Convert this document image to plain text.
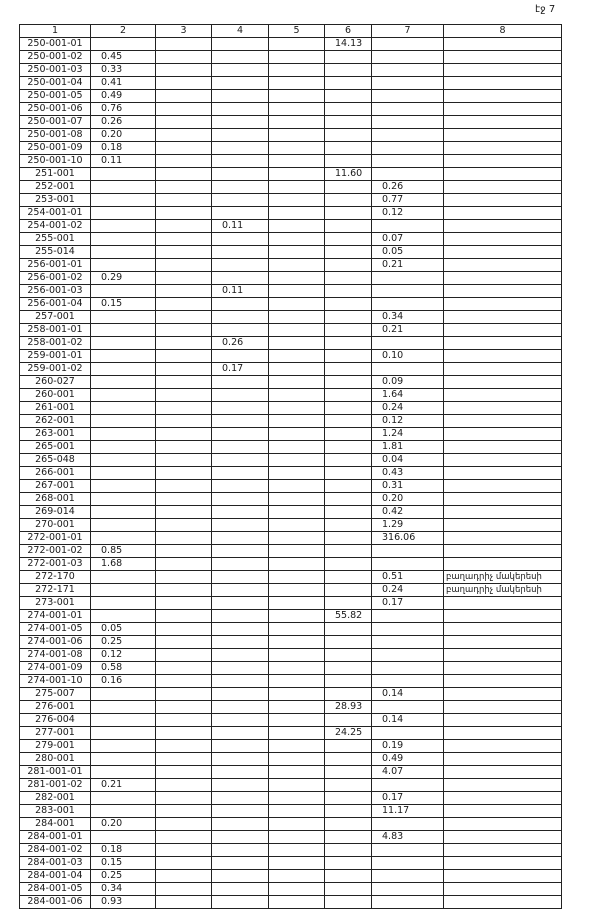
էջ 7
1	2	3	4	5	6	7	8
250-001-01					14.13		
250-001-02	0.45						
250-001-03	0.33						
250-001-04	0.41						
250-001-05	0.49						
250-001-06	0.76						
250-001-07	0.26						
250-001-08	0.20						
250-001-09	0.18						
250-001-10	0.11						
251-001					11.60		
252-001						0.26	
253-001						0.77	
254-001-01						0.12	
254-001-02			0.11				
255-001						0.07	
255-014						0.05	
256-001-01						0.21	
256-001-02	0.29						
256-001-03			0.11				
256-001-04	0.15						
257-001						0.34	
258-001-01						0.21	
258-001-02			0.26				
259-001-01						0.10	
259-001-02			0.17				
260-027						0.09	
260-001						1.64	
261-001						0.24	
262-001						0.12	
263-001						1.24	
265-001						1.81	
265-048						0.04	
266-001						0.43	
267-001						0.31	
268-001						0.20	
269-014						0.42	
270-001						1.29	
272-001-01						316.06	
272-001-02	0.85						
272-001-03	1.68						
272-170						0.51	բաղադրիչ մակերեսի
272-171						0.24	բաղադրիչ մակերեսի
273-001						0.17	
274-001-01					55.82		
274-001-05	0.05						
274-001-06	0.25						
274-001-08	0.12						
274-001-09	0.58						
274-001-10	0.16						
275-007						0.14	
276-001					28.93		
276-004						0.14	
277-001					24.25		
279-001						0.19	
280-001						0.49	
281-001-01						4.07	
281-001-02	0.21						
282-001						0.17	
283-001						11.17	
284-001	0.20						
284-001-01						4.83	
284-001-02	0.18						
284-001-03	0.15						
284-001-04	0.25						
284-001-05	0.34						
284-001-06	0.93						
